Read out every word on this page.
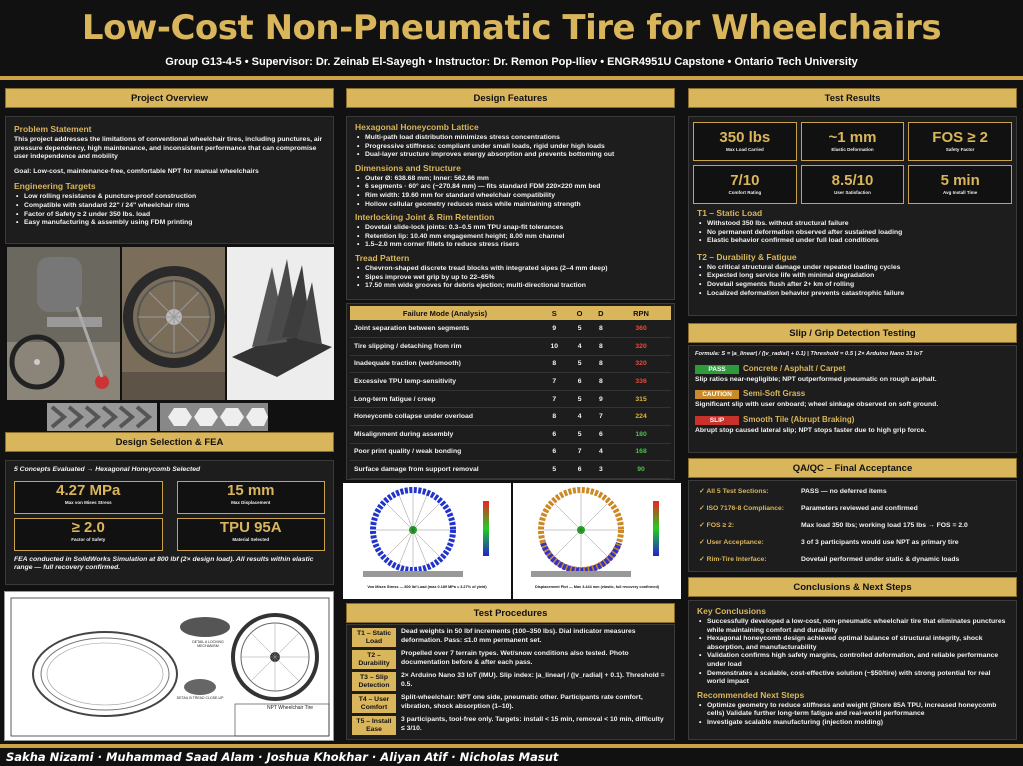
Low-Cost Non-Pneumatic Tire for Wheelchairs
Group G13-4-5 • Supervisor: Dr. Zeinab El-Sayegh • Instructor: Dr. Remon Pop-Iliev • ENGR4951U Capstone • Ontario Tech University
Project Overview
Problem Statement
This project addresses the limitations of conventional wheelchair tires, including punctures, air pressure dependency, high maintenance, and inconsistent performance that can compromise user independence and mobility
Goal: Low-cost, maintenance-free, comfortable NPT for manual wheelchairs
Engineering Targets
• Low rolling resistance & puncture-proof construction
• Compatible with standard 22" / 24" wheelchair rims
• Factor of Safety ≥ 2 under 350 lbs. load
• Easy manufacturing & assembly using FDM printing
Design Selection & FEA
5 Concepts Evaluated → Hexagonal Honeycomb Selected
4.27 MPa
Max von Mises Stress
15 mm
Max Displacement
≥ 2.0
Factor of Safety
TPU 95A
Material Selected
FEA conducted in SolidWorks Simulation at 800 lbf (2× design load). All results within elastic range — full recovery confirmed.
NPT Wheelchair Tire
DETAIL A LOCKING MECHANISM
DETAIL B TREAD CLOSE-UP
Design Features
Hexagonal Honeycomb Lattice
• Multi-path load distribution minimizes stress concentrations
• Progressive stiffness: compliant under small loads, rigid under high loads
• Dual-layer structure improves energy absorption and prevents bottoming out
Dimensions and Structure
• Outer Ø: 638.68 mm; Inner: 562.66 mm
• 6 segments · 60° arc (~270.84 mm) — fits standard FDM 220×220 mm bed
• Rim width: 19.60 mm for standard wheelchair compatibility
• Hollow cellular geometry reduces mass while maintaining strength
Interlocking Joint & Rim Retention
• Dovetail slide-lock joints: 0.3–0.5 mm TPU snap-fit tolerances
• Retention lip: 10.40 mm engagement height; 8.00 mm channel
• 1.5–2.0 mm corner fillets to reduce stress risers
Tread Pattern
• Chevron-shaped discrete tread blocks with integrated sipes (2–4 mm deep)
• Sipes improve wet grip by up to 22–65%
• 17.50 mm wide grooves for debris ejection; multi-directional traction
Failure Mode (Analysis)	S	O	D	RPN
Joint separation between segments	9	5	8	360
Tire slipping / detaching from rim	10	4	8	320
Inadequate traction (wet/smooth)	8	5	8	320
Excessive TPU temp-sensitivity	7	6	8	336
Long-term fatigue / creep	7	5	9	315
Honeycomb collapse under overload	8	4	7	224
Misalignment during assembly	6	5	6	180
Poor print quality / weak bonding	6	7	4	168
Surface damage from support removal	5	6	3	90
Von Mises Stress — 800 lbf Load (max 0.189 MPa = 3.27% of yield)	Displacement Plot — Max 3.444 mm (elastic, full recovery confirmed)
Test Procedures
T1 – Static Load
Dead weights in 50 lbf increments (100–350 lbs). Dial indicator measures deformation. Pass: ≤1.0 mm permanent set.
T2 – Durability
Propelled over 7 terrain types. Wet/snow conditions also tested. Photo documentation before & after each pass.
T3 – Slip Detection
2× Arduino Nano 33 IoT (IMU). Slip index: |a_linear| / (|v_radial| + 0.1). Threshold = 0.5.
T4 – User Comfort
Split-wheelchair: NPT one side, pneumatic other. Participants rate comfort, vibration, shock absorption (1–10).
T5 – Install Ease
3 participants, tool-free only. Targets: install < 15 min, removal < 10 min, difficulty ≤ 3/10.
Test Results
350 lbs
Max Load Carried
~1 mm
Elastic Deformation
FOS ≥ 2
Safety Factor
7/10
Comfort Rating
8.5/10
User Satisfaction
5 min
Avg Install Time
T1 – Static Load
• Withstood 350 lbs. without structural failure
• No permanent deformation observed after sustained loading
• Elastic behavior confirmed under full load conditions
T2 – Durability & Fatigue
• No critical structural damage under repeated loading cycles
• Expected long service life with minimal degradation
• Dovetail segments flush after 2+ km of rolling
• Localized deformation behavior prevents catastrophic failure
Slip / Grip Detection Testing
Formula: S = |a_linear| / (|v_radial| + 0.1) | Threshold = 0.5 | 2× Arduino Nano 33 IoT
PASS Concrete / Asphalt / Carpet
Slip ratios near-negligible; NPT outperformed pneumatic on rough asphalt.
CAUTION Semi-Soft Grass
Significant slip with user onboard; wheel sinkage observed on soft ground.
SLIP Smooth Tile (Abrupt Braking)
Abrupt stop caused lateral slip; NPT stops faster due to high grip force.
QA/QC – Final Acceptance
✓ All 5 Test Sections:	PASS — no deferred items
✓ ISO 7176-8 Compliance:	Parameters reviewed and confirmed
✓ FOS ≥ 2:	Max load 350 lbs; working load 175 lbs → FOS = 2.0
✓ User Acceptance:	3 of 3 participants would use NPT as primary tire
✓ Rim-Tire Interface:	Dovetail performed under static & dynamic loads
Conclusions & Next Steps
Key Conclusions
• Successfully developed a low-cost, non-pneumatic wheelchair tire that eliminates punctures while maintaining comfort and durability
• Hexagonal honeycomb design achieved optimal balance of structural integrity, shock absorption, and manufacturability
• Validation confirms high safety margins, controlled deformation, and reliable performance under load
• Demonstrates a scalable, cost-effective solution (~$50/tire) with strong potential for real world impact
Recommended Next Steps
• Optimize geometry to reduce stiffness and weight (Shore 85A TPU, increased honeycomb cells) Validate further long-term fatigue and real-world performance
• Investigate scalable manufacturing (injection molding)
Sakha Nizami · Muhammad Saad Alam · Joshua Khokhar · Aliyan Atif · Nicholas Masut
